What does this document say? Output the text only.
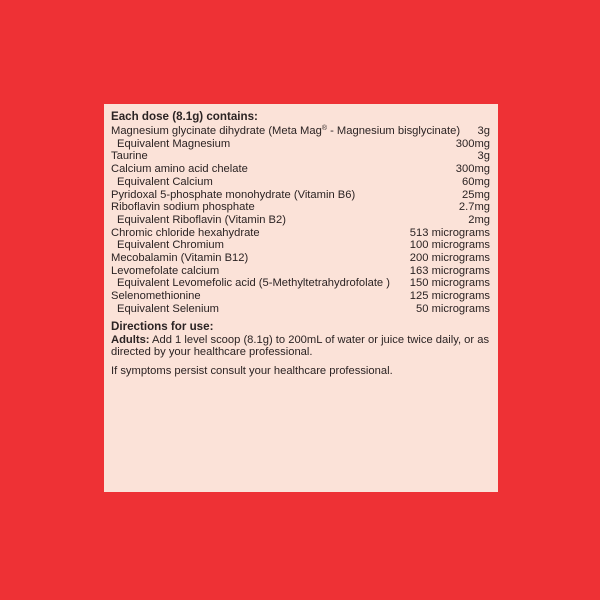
Each dose (8.1g) contains:
Magnesium glycinate dihydrate (Meta Mag® - Magnesium bisglycinate) 3g
Equivalent Magnesium	300mg
Taurine	3g
Calcium amino acid chelate	300mg
Equivalent Calcium	60mg
Pyridoxal 5-phosphate monohydrate (Vitamin B6)	25mg
Riboflavin sodium phosphate	2.7mg
Equivalent Riboflavin (Vitamin B2)	2mg
Chromic chloride hexahydrate	513 micrograms
Equivalent Chromium	100 micrograms
Mecobalamin (Vitamin B12)	200 micrograms
Levomefolate calcium	163 micrograms
Equivalent Levomefolic acid (5-Methyltetrahydrofolate ) 150 micrograms
Selenomethionine	125 micrograms
Equivalent Selenium	50 micrograms
Directions for use:
Adults: Add 1 level scoop (8.1g) to 200mL of water or juice twice daily, or as directed by your healthcare professional.
If symptoms persist consult your healthcare professional.
